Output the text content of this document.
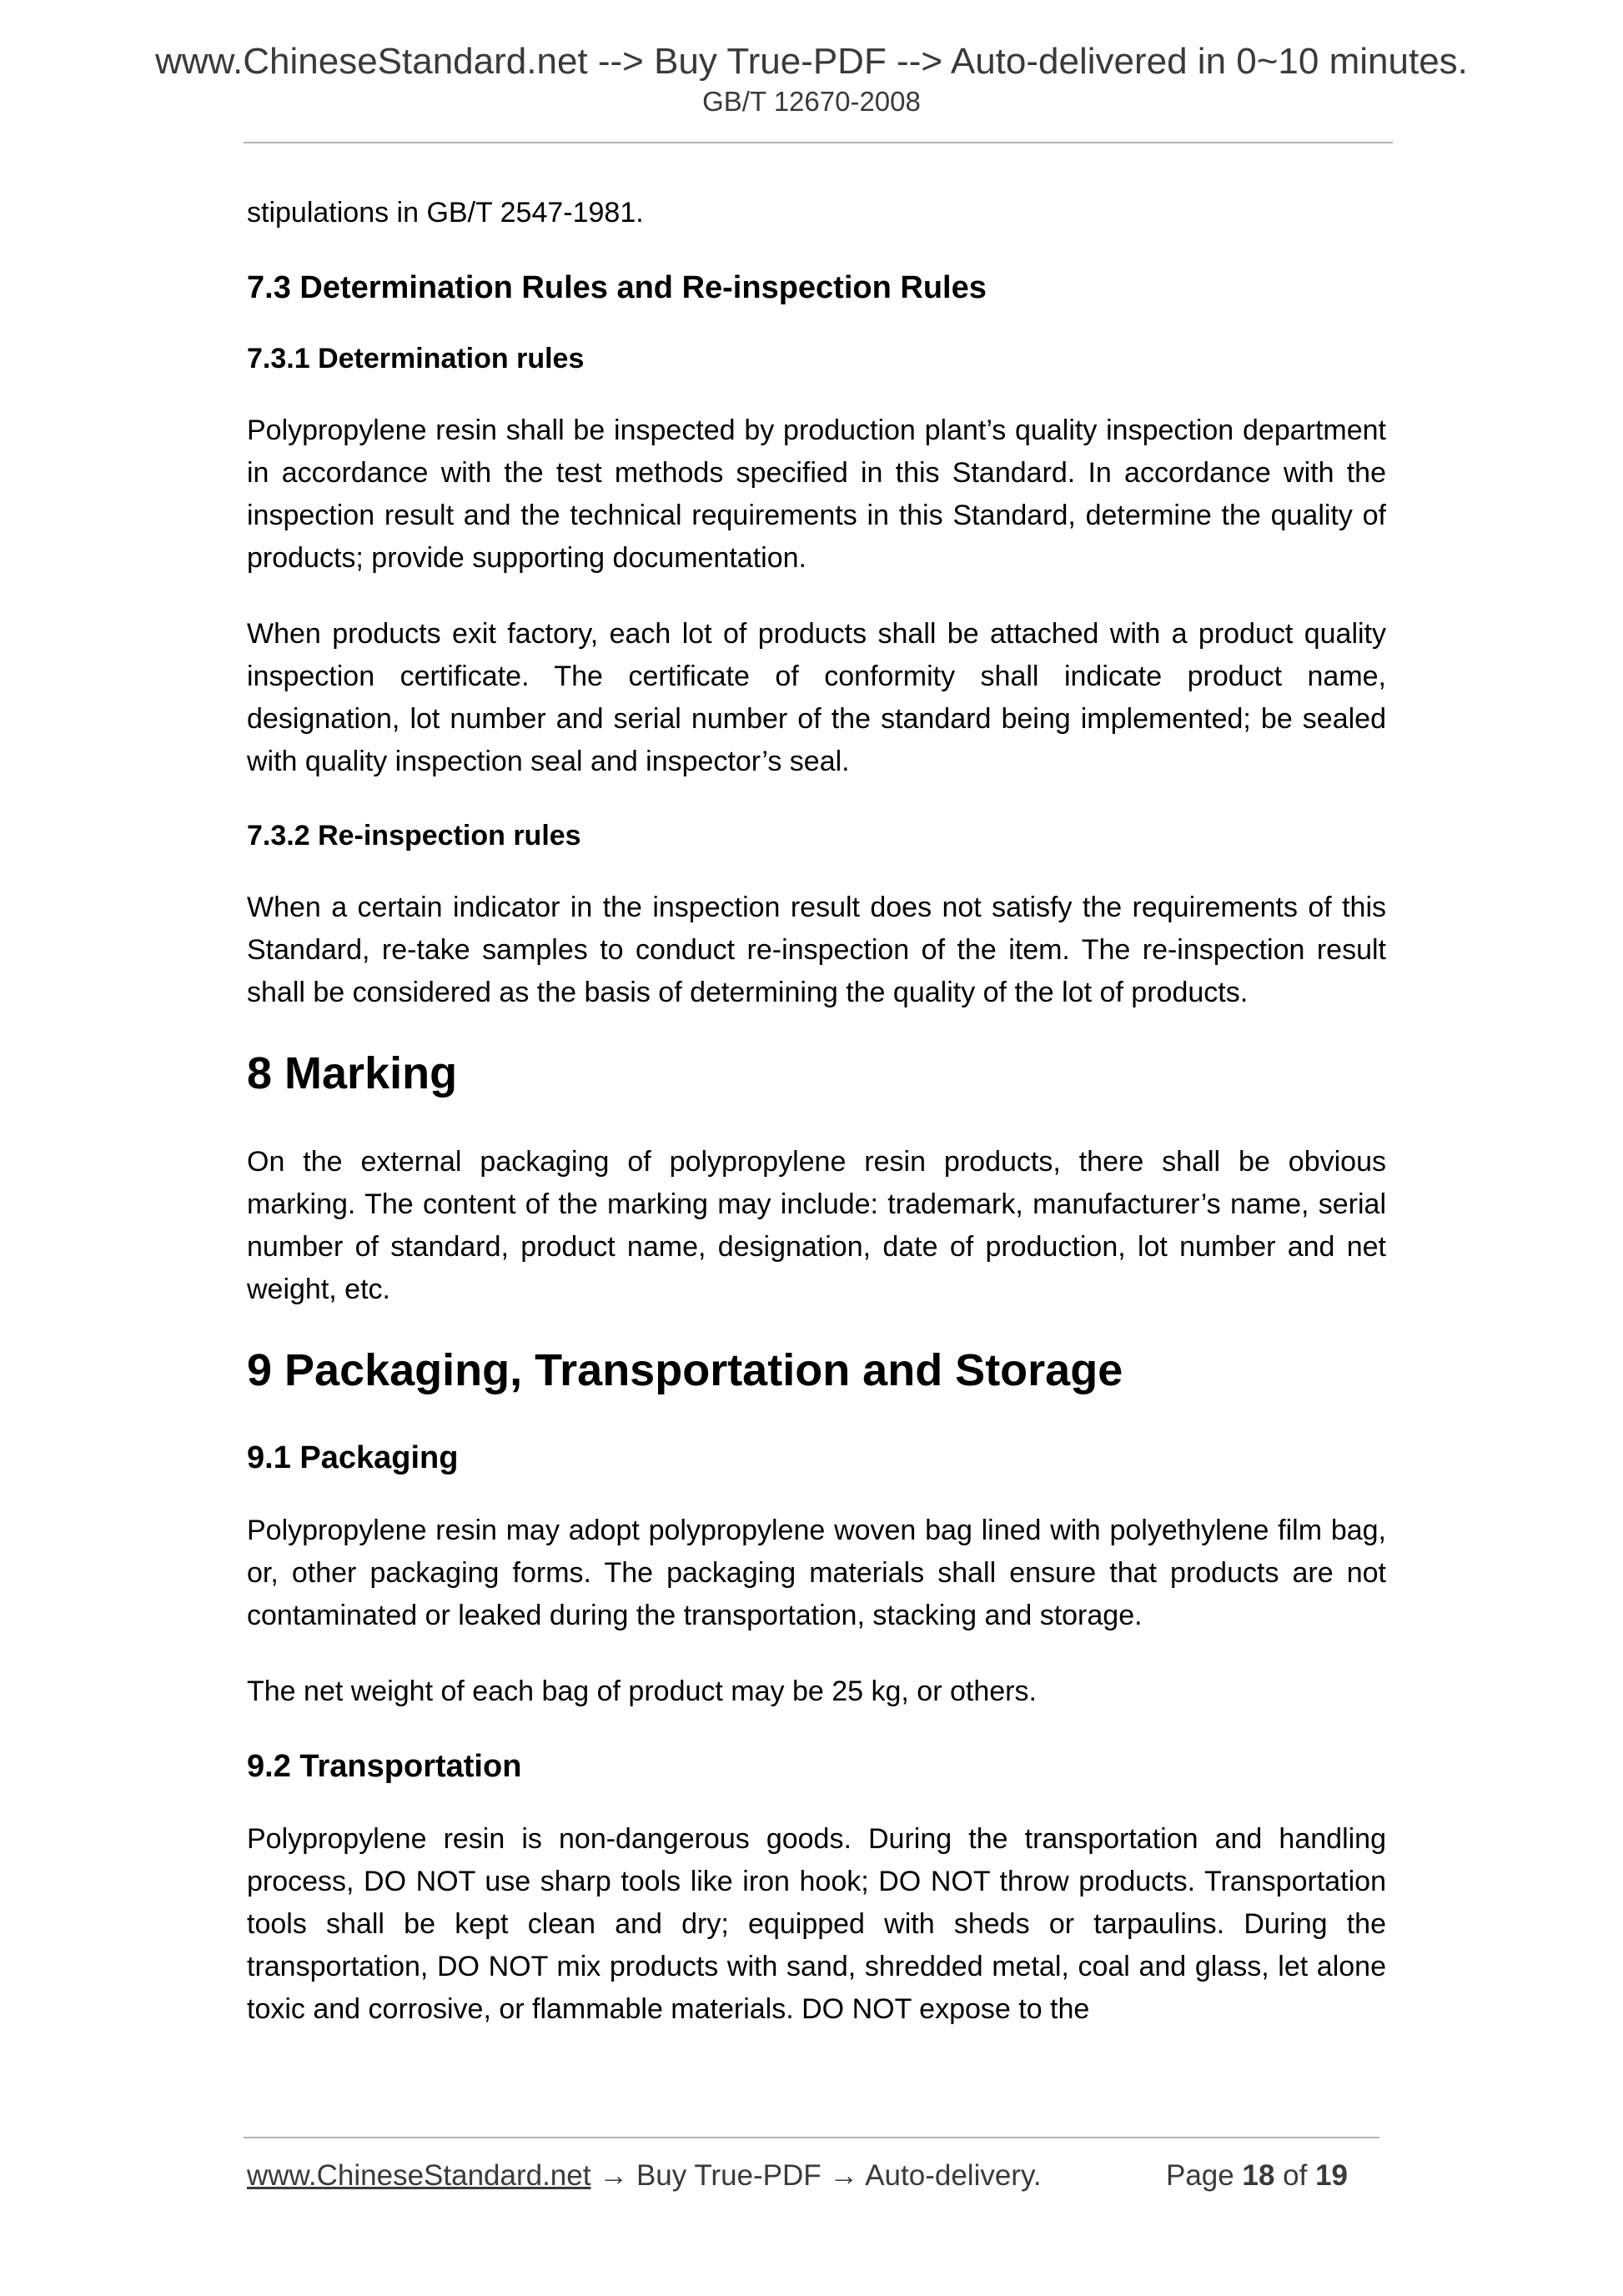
www.ChineseStandard.net --> Buy True-PDF --> Auto-delivered in 0~10 minutes.
GB/T 12670-2008

stipulations in GB/T 2547-1981.

7.3 Determination Rules and Re-inspection Rules
7.3.1 Determination rules

Polypropylene resin shall be inspected by production plant’s quality inspection department in accordance with the test methods specified in this Standard. In accordance with the inspection result and the technical requirements in this Standard, determine the quality of products; provide supporting documentation.

When products exit factory, each lot of products shall be attached with a product quality inspection certificate. The certificate of conformity shall indicate product name, designation, lot number and serial number of the standard being implemented; be sealed with quality inspection seal and inspector’s seal.

7.3.2 Re-inspection rules

When a certain indicator in the inspection result does not satisfy the requirements of this Standard, re-take samples to conduct re-inspection of the item. The re-inspection result shall be considered as the basis of determining the quality of the lot of products.

8 Marking

On the external packaging of polypropylene resin products, there shall be obvious marking. The content of the marking may include: trademark, manufacturer’s name, serial number of standard, product name, designation, date of production, lot number and net weight, etc.

9 Packaging, Transportation and Storage
9.1 Packaging

Polypropylene resin may adopt polypropylene woven bag lined with polyethylene film bag, or, other packaging forms. The packaging materials shall ensure that products are not contaminated or leaked during the transportation, stacking and storage.

The net weight of each bag of product may be 25 kg, or others.

9.2 Transportation

Polypropylene resin is non-dangerous goods. During the transportation and handling process, DO NOT use sharp tools like iron hook; DO NOT throw products. Transportation tools shall be kept clean and dry; equipped with sheds or tarpaulins. During the transportation, DO NOT mix products with sand, shredded metal, coal and glass, let alone toxic and corrosive, or flammable materials. DO NOT expose to the

www.ChineseStandard.net → Buy True-PDF → Auto-delivery.	Page 18 of 19
